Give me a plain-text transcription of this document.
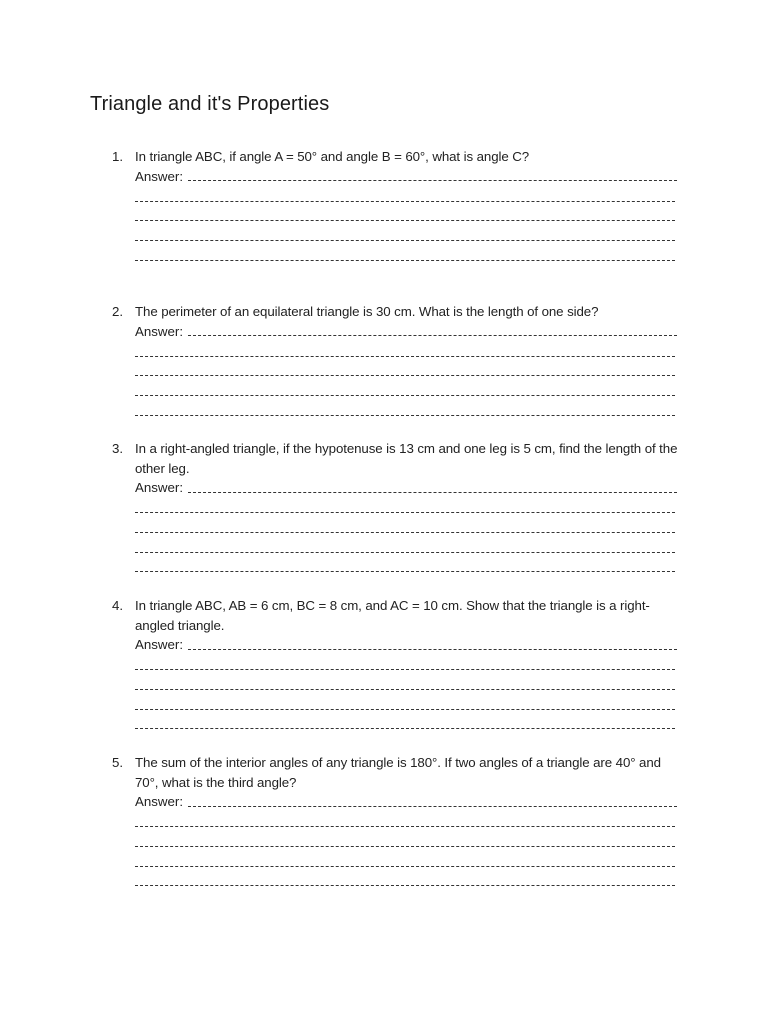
Triangle and it's Properties
1. In triangle ABC, if angle A = 50° and angle B = 60°, what is angle C?

Answer:
2. The perimeter of an equilateral triangle is 30 cm. What is the length of one side?

Answer:
3. In a right-angled triangle, if the hypotenuse is 13 cm and one leg is 5 cm, find the length of the other leg.

Answer:
4. In triangle ABC, AB = 6 cm, BC = 8 cm, and AC = 10 cm. Show that the triangle is a right-angled triangle.

Answer:
5. The sum of the interior angles of any triangle is 180°. If two angles of a triangle are 40° and 70°, what is the third angle?

Answer:
